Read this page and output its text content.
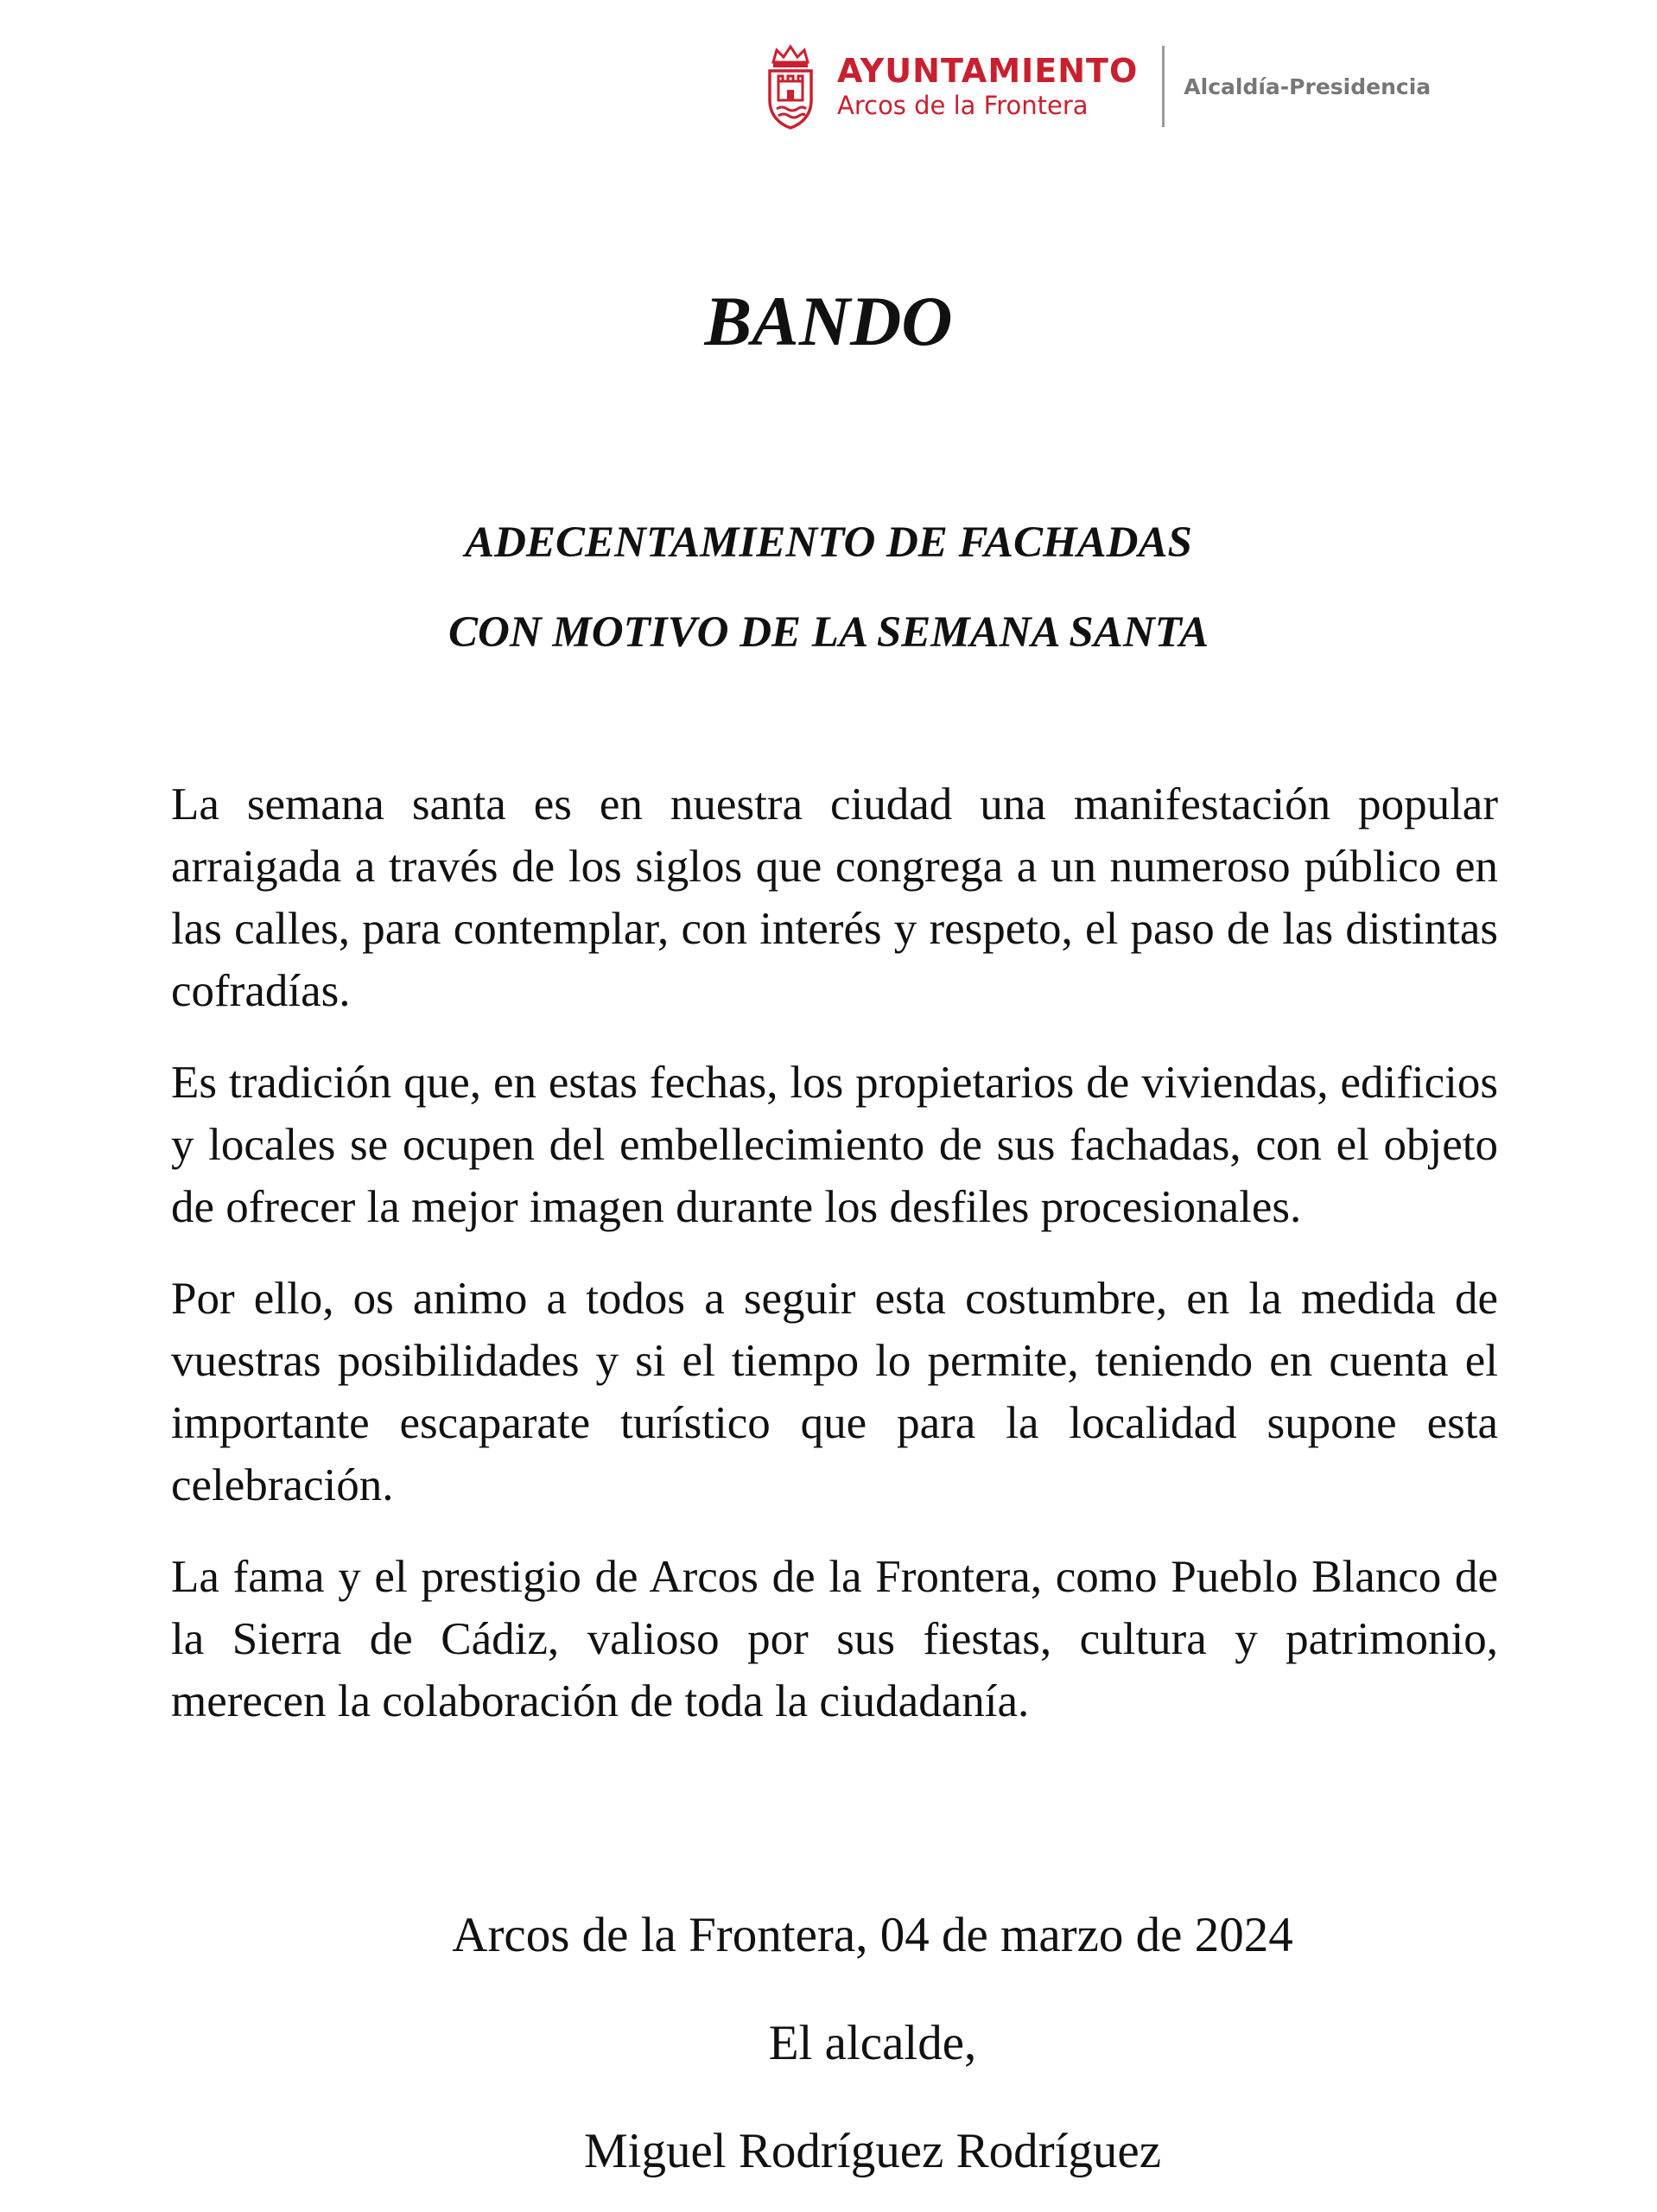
AYUNTAMIENTO
Arcos de la Frontera
Alcaldía-Presidencia
BANDO
ADECENTAMIENTO DE FACHADAS
CON MOTIVO DE LA SEMANA SANTA

La semana santa es en nuestra ciudad una manifestación popular arraigada a través de los siglos que congrega a un numeroso público en las calles, para contemplar, con interés y respeto, el paso de las distintas cofradías.

Es tradición que, en estas fechas, los propietarios de viviendas, edificios y locales se ocupen del embellecimiento de sus fachadas, con el objeto de ofrecer la mejor imagen durante los desfiles procesionales.

Por ello, os animo a todos a seguir esta costumbre, en la medida de vuestras posibilidades y si el tiempo lo permite, teniendo en cuenta el importante escaparate turístico que para la localidad supone esta celebración.

La fama y el prestigio de Arcos de la Frontera, como Pueblo Blanco de la Sierra de Cádiz, valioso por sus fiestas, cultura y patrimonio, merecen la colaboración de toda la ciudadanía.

Arcos de la Frontera, 04 de marzo de 2024

El alcalde,

Miguel Rodríguez Rodríguez
